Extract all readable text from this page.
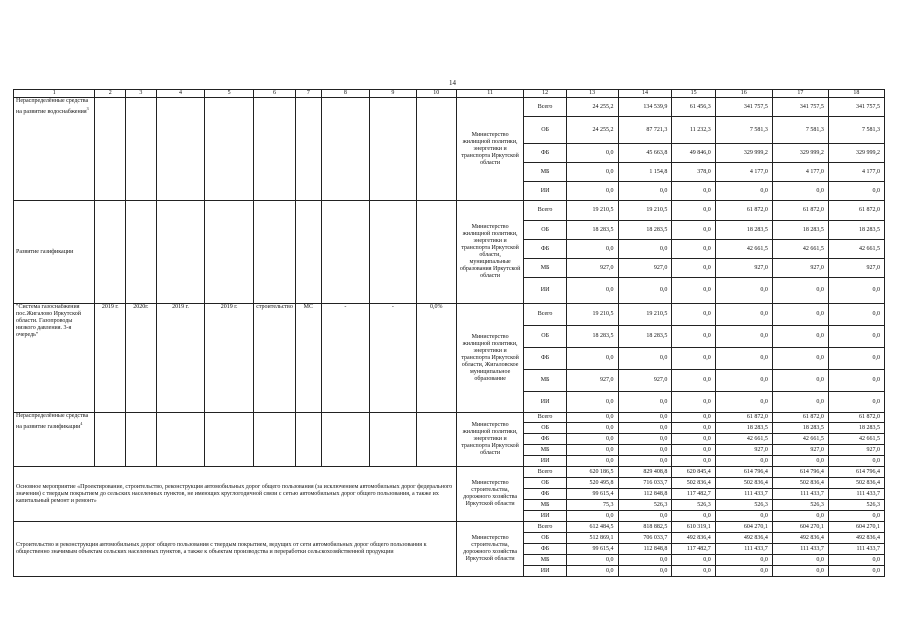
14
1	2	3	4	5	6	7	8	9	10	11	12	13	14	15	16	17	18
Нераспределённые средства на развитие водоснабжения$^3$										Министерство жилищной политики, энергетики и транспорта Иркутской области	Всего	24 255,2	134 539,9	61 456,3	341 757,5	341 757,5	341 757,5
											ОБ	24 255,2	87 721,3	11 232,3	7 581,3	7 581,3	7 581,3
											ФБ	0,0	45 663,8	49 846,0	329 999,2	329 999,2	329 999,2
											МБ	0,0	1 154,8	378,0	4 177,0	4 177,0	4 177,0
											ИИ	0,0	0,0	0,0	0,0	0,0	0,0
Развитие газификации										Министерство жилищной политики, энергетики и транспорта Иркутской области, муниципальные образования Иркутской области	Всего	19 210,5	19 210,5	0,0	61 872,0	61 872,0	61 872,0
											ОБ	18 283,5	18 283,5	0,0	18 283,5	18 283,5	18 283,5
											ФБ	0,0	0,0	0,0	42 661,5	42 661,5	42 661,5
											МБ	927,0	927,0	0,0	927,0	927,0	927,0
											ИИ	0,0	0,0	0,0	0,0	0,0	0,0
"Система газоснабжения пос.Жигалово Иркутской области. Газопроводы низкого давления. 3-я очередь"	2019 г.	2020г.	2019 г.	2019 г.	строительство	МС	-	-	0,0%	Министерство жилищной политики, энергетики и транспорта Иркутской области, Жигаловское муниципальное образование	Всего	19 210,5	19 210,5	0,0	0,0	0,0	0,0
											ОБ	18 283,5	18 283,5	0,0	0,0	0,0	0,0
											ФБ	0,0	0,0	0,0	0,0	0,0	0,0
											МБ	927,0	927,0	0,0	0,0	0,0	0,0
											ИИ	0,0	0,0	0,0	0,0	0,0	0,0
Нераспределённые средства на развитие газификации$^4$										Министерство жилищной политики, энергетики и транспорта Иркутской области	Всего	0,0	0,0	0,0	61 872,0	61 872,0	61 872,0
											ОБ	0,0	0,0	0,0	18 283,5	18 283,5	18 283,5
											ФБ	0,0	0,0	0,0	42 661,5	42 661,5	42 661,5
											МБ	0,0	0,0	0,0	927,0	927,0	927,0
											ИИ	0,0	0,0	0,0	0,0	0,0	0,0
Основное мероприятие «Проектирование, строительство, реконструкция автомобильных дорог общего пользования (за исключением автомобильных дорог федерального значения) с твердым покрытием до сельских населенных пунктов, не имеющих круглогодичной связи с сетью автомобильных дорог общего пользования, а также их капитальный ремонт и ремонт»										Министерство строительства, дорожного хозяйства Иркутской области	Всего	620 186,5	829 408,8	620 845,4	614 796,4	614 796,4	614 796,4
											ОБ	520 495,8	716 033,7	502 836,4	502 836,4	502 836,4	502 836,4
											ФБ	99 615,4	112 848,8	117 482,7	111 433,7	111 433,7	111 433,7
											МБ	75,3	526,3	526,3	526,3	526,3	526,3
											ИИ	0,0	0,0	0,0	0,0	0,0	0,0
Строительство и реконструкция автомобильных дорог общего пользования с твердым покрытием, ведущих от сети автомобильных дорог общего пользования к общественно значимым объектам сельских населенных пунктов, а также к объектам производства и переработки сельскохозяйственной продукции										Министерство строительства, дорожного хозяйства Иркутской области	Всего	612 484,5	818 882,5	610 319,1	604 270,1	604 270,1	604 270,1
											ОБ	512 869,1	706 033,7	492 836,4	492 836,4	492 836,4	492 836,4
											ФБ	99 615,4	112 848,8	117 482,7	111 433,7	111 433,7	111 433,7
											МБ	0,0	0,0	0,0	0,0	0,0	0,0
											ИИ	0,0	0,0	0,0	0,0	0,0	0,0
